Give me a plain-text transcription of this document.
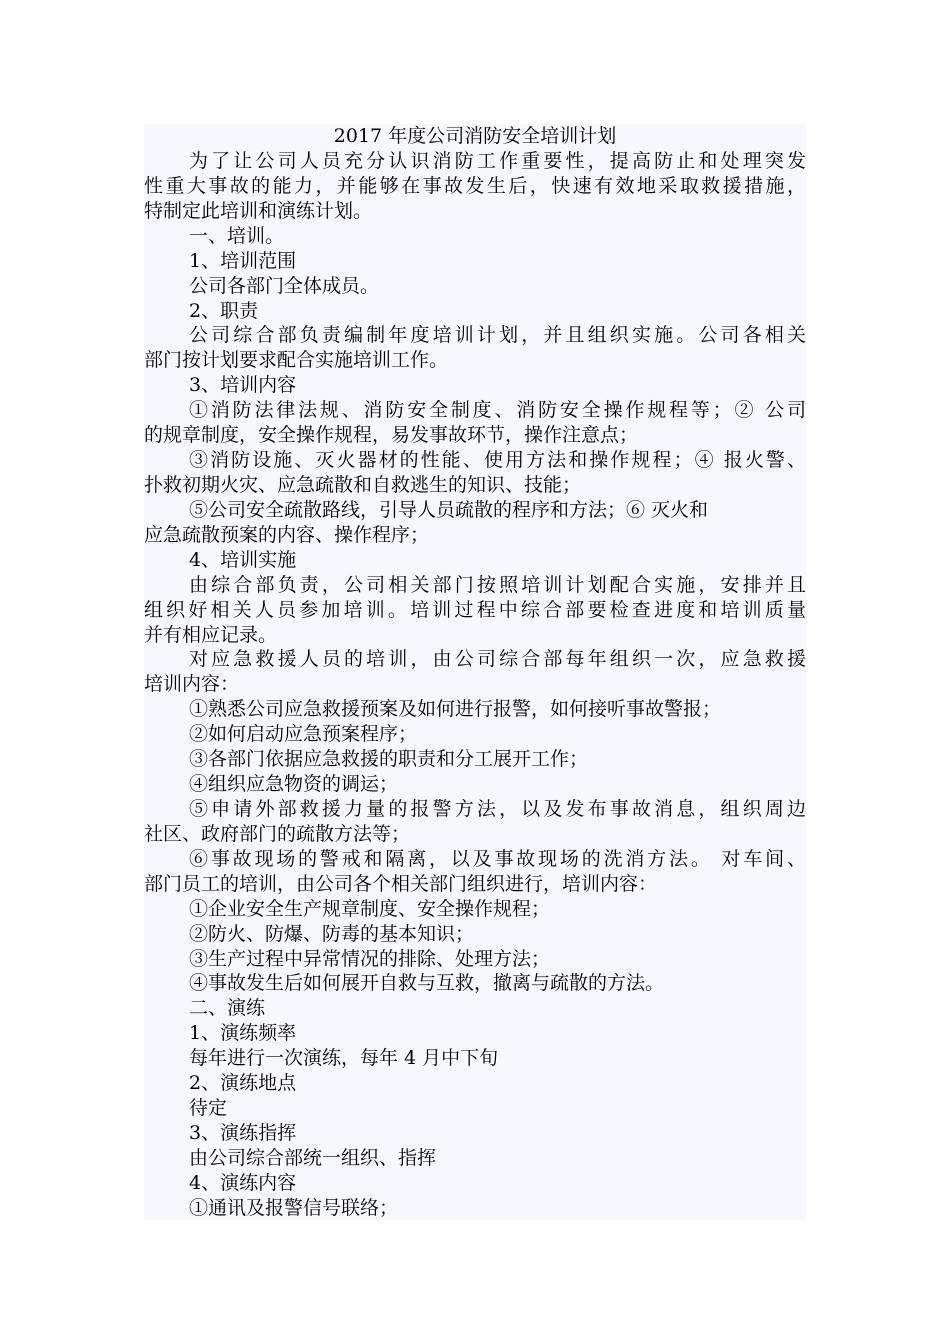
2017 年度公司消防安全培训计划
为了让公司人员充分认识消防工作重要性，提高防止和处理突发
性重大事故的能力，并能够在事故发生后，快速有效地采取救援措施，
特制定此培训和演练计划。
一、培训。
1、培训范围
公司各部门全体成员。
2、职责
公司综合部负责编制年度培训计划，并且组织实施。公司各相关
部门按计划要求配合实施培训工作。
3、培训内容
①消防法律法规、消防安全制度、消防安全操作规程等；② 公司
的规章制度，安全操作规程，易发事故环节，操作注意点；
③消防设施、灭火器材的性能、使用方法和操作规程；④ 报火警、
扑救初期火灾、应急疏散和自救逃生的知识、技能；
⑤公司安全疏散路线，引导人员疏散的程序和方法；⑥ 灭火和
应急疏散预案的内容、操作程序；
4、培训实施
由综合部负责，公司相关部门按照培训计划配合实施，安排并且
组织好相关人员参加培训。培训过程中综合部要检查进度和培训质量
并有相应记录。
对应急救援人员的培训，由公司综合部每年组织一次，应急救援
培训内容：
①熟悉公司应急救援预案及如何进行报警，如何接听事故警报；
②如何启动应急预案程序；
③各部门依据应急救援的职责和分工展开工作；
④组织应急物资的调运；
⑤申请外部救援力量的报警方法，以及发布事故消息，组织周边
社区、政府部门的疏散方法等；
⑥事故现场的警戒和隔离，以及事故现场的洗消方法。 对车间、
部门员工的培训，由公司各个相关部门组织进行，培训内容：
①企业安全生产规章制度、安全操作规程；
②防火、防爆、防毒的基本知识；
③生产过程中异常情况的排除、处理方法；
④事故发生后如何展开自救与互救，撤离与疏散的方法。
二、演练
1、演练频率
每年进行一次演练，每年 4 月中下旬
2、演练地点
待定
3、演练指挥
由公司综合部统一组织、指挥
4、演练内容
①通讯及报警信号联络；
